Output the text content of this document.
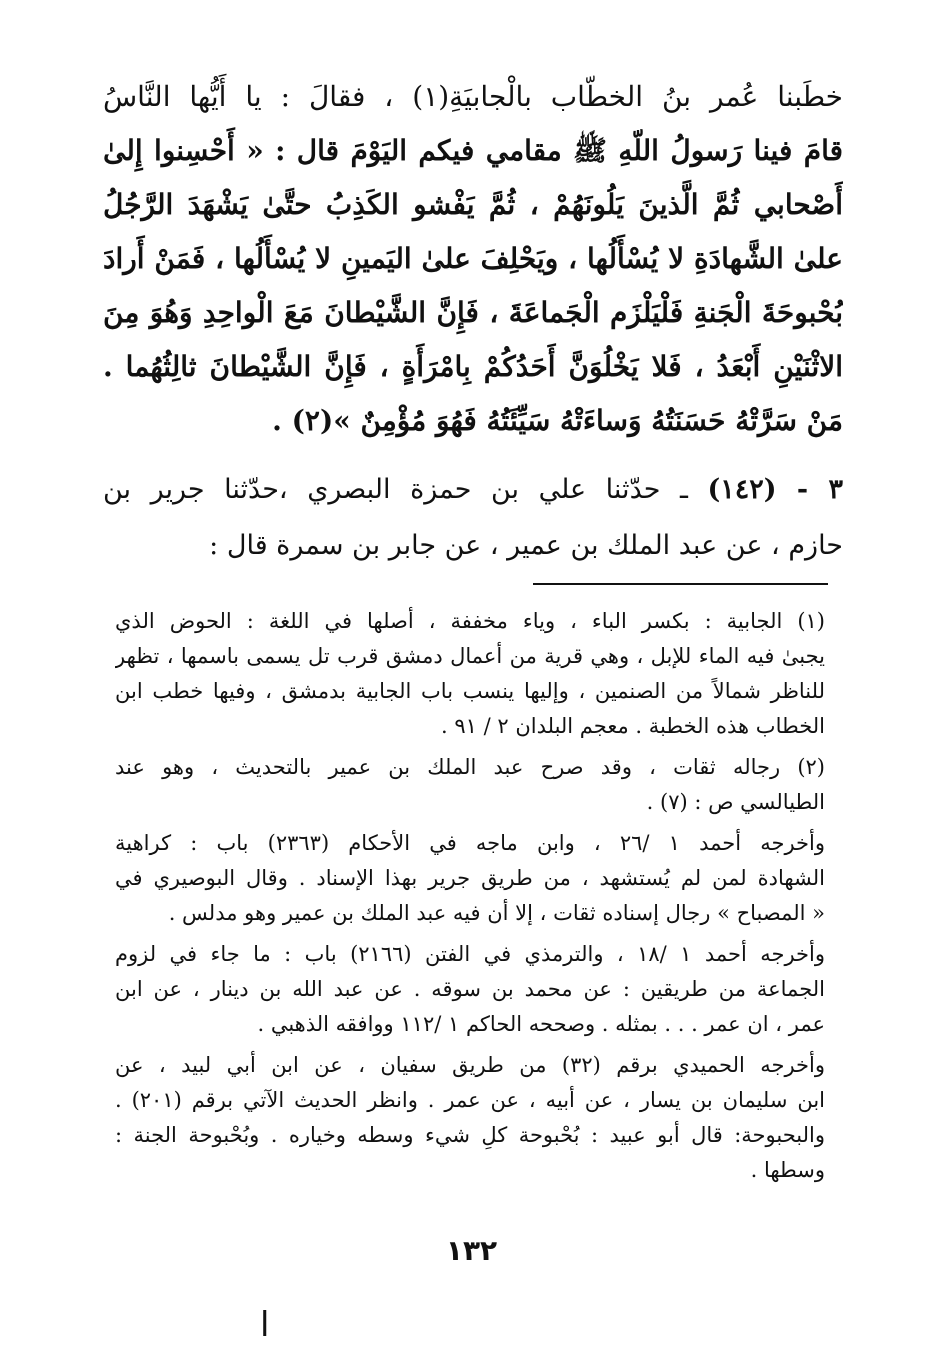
خطَبنا عُمر بنُ الخطّاب بالْجابيَةِ(١) ، فقالَ : يا أَيُّها النَّاسُ
قامَ فينا رَسولُ اللّهِ ﷺ مقامي فيكم اليَوْمَ قال : « أَحْسِنوا إِلىٰ
أَصْحابي ثُمَّ الَّذينَ يَلُونَهُمْ ، ثُمَّ يَفْشو الكَذِبُ حتَّىٰ يَشْهَدَ الرَّجُلُ
علىٰ الشَّهادَةِ لا يُسْأَلُها ، ويَحْلِفَ علىٰ اليَمينِ لا يُسْأَلُها ، فَمَنْ أَرادَ
بُحْبوحَةَ الْجَنةِ فَلْيَلْزَم الْجَماعَةَ ، فَإِنَّ الشَّيْطانَ مَعَ الْواحِدِ وَهُوَ مِنَ
الاثْنَيْنِ أَبْعَدُ ، فَلا يَخْلُوَنَّ أَحَدُكُمْ بِامْرَأَةٍ ، فَإِنَّ الشَّيْطانَ ثالِثُهُما .
مَنْ سَرَّتْهُ حَسَنَتُهُ وَساءَتْهُ سَيِّئَتُهُ فَهُوَ مُؤْمِنٌ »(٢) .
٣ - (١٤٢) ـ حدّثنا علي بن حمزة البصري ،حدّثنا جرير بن
حازم ، عن عبد الملك بن عمير ، عن جابر بن سمرة قال :
(١) الجابية : بكسر الباء ، وياء مخففة ، أصلها في اللغة : الحوض الذي
يجبىٰ فيه الماء للإبل ، وهي قرية من أعمال دمشق قرب تل يسمى باسمها ، تظهر
للناظر شمالاً من الصنمين ، وإليها ينسب باب الجابية بدمشق ، وفيها خطب ابن
الخطاب هذه الخطبة . معجم البلدان ٢ / ٩١ .
(٢) رجاله ثقات ، وقد صرح عبد الملك بن عمير بالتحديث ، وهو عند
الطيالسي ص : (٧) .
وأخرجه أحمد ١ /٢٦ ، وابن ماجه في الأحكام (٢٣٦٣) باب : كراهية
الشهادة لمن لم يُستشهد ، من طريق جرير بهذا الإسناد . وقال البوصيري في
« المصباح » رجال إسناده ثقات ، إلا أن فيه عبد الملك بن عمير وهو مدلس .
وأخرجه أحمد ١ /١٨ ، والترمذي في الفتن (٢١٦٦) باب : ما جاء في لزوم
الجماعة من طريقين : عن محمد بن سوقه . عن عبد الله بن دينار ، عن ابن
عمر ، ان عمر . . . بمثله . وصححه الحاكم ١ /١١٢ ووافقه الذهبي .
وأخرجه الحميدي برقم (٣٢) من طريق سفيان ، عن ابن أبي لبيد ، عن
ابن سليمان بن يسار ، عن أبيه ، عن عمر . وانظر الحديث الآتي برقم (٢٠١) .
والبحبوحة: قال أبو عبيد : بُحْبوحة كلِ شيء وسطه وخياره . وبُحْبوحة الجنة :
وسطها .
١٣٢
ا
